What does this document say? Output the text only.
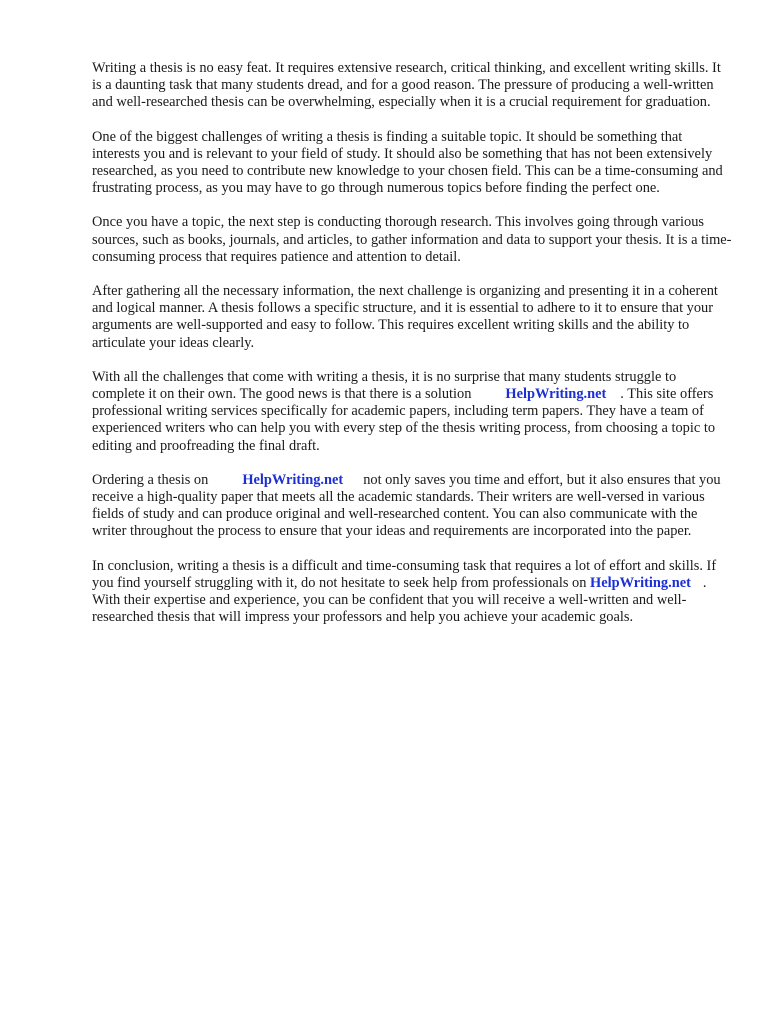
Writing a thesis is no easy feat. It requires extensive research, critical thinking, and excellent writing skills. It is a daunting task that many students dread, and for a good reason. The pressure of producing a well-written and well-researched thesis can be overwhelming, especially when it is a crucial requirement for graduation.

One of the biggest challenges of writing a thesis is finding a suitable topic. It should be something that interests you and is relevant to your field of study. It should also be something that has not been extensively researched, as you need to contribute new knowledge to your chosen field. This can be a time-consuming and frustrating process, as you may have to go through numerous topics before finding the perfect one.

Once you have a topic, the next step is conducting thorough research. This involves going through various sources, such as books, journals, and articles, to gather information and data to support your thesis. It is a time-consuming process that requires patience and attention to detail.

After gathering all the necessary information, the next challenge is organizing and presenting it in a coherent and logical manner. A thesis follows a specific structure, and it is essential to adhere to it to ensure that your arguments are well-supported and easy to follow. This requires excellent writing skills and the ability to articulate your ideas clearly.

With all the challenges that come with writing a thesis, it is no surprise that many students struggle to complete it on their own. The good news is that there is a solution HelpWriting.net . This site offers professional writing services specifically for academic papers, including term papers. They have a team of experienced writers who can help you with every step of the thesis writing process, from choosing a topic to editing and proofreading the final draft.

Ordering a thesis on HelpWriting.net not only saves you time and effort, but it also ensures that you receive a high-quality paper that meets all the academic standards. Their writers are well-versed in various fields of study and can produce original and well-researched content. You can also communicate with the writer throughout the process to ensure that your ideas and requirements are incorporated into the paper.

In conclusion, writing a thesis is a difficult and time-consuming task that requires a lot of effort and skills. If you find yourself struggling with it, do not hesitate to seek help from professionals on HelpWriting.net . With their expertise and experience, you can be confident that you will receive a well-written and well-researched thesis that will impress your professors and help you achieve your academic goals.
